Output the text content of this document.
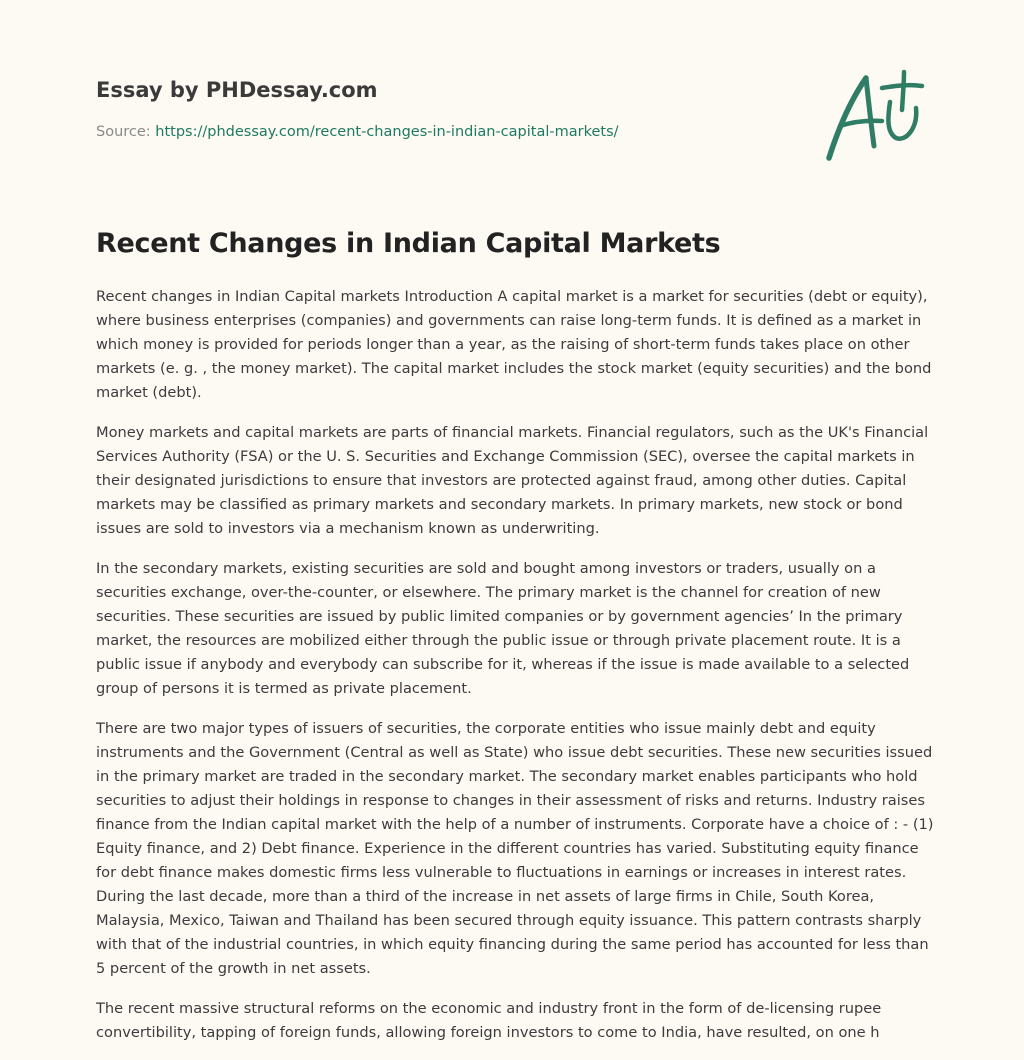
Essay by PHDessay.com
Source: https://phdessay.com/recent-changes-in-indian-capital-markets/
Recent Changes in Indian Capital Markets

Recent changes in Indian Capital markets Introduction A capital market is a market for securities (debt or equity), where business enterprises (companies) and governments can raise long-term funds. It is defined as a market in which money is provided for periods longer than a year, as the raising of short-term funds takes place on other markets (e. g. , the money market). The capital market includes the stock market (equity securities) and the bond market (debt).

Money markets and capital markets are parts of financial markets. Financial regulators, such as the UK's Financial Services Authority (FSA) or the U. S. Securities and Exchange Commission (SEC), oversee the capital markets in their designated jurisdictions to ensure that investors are protected against fraud, among other duties. Capital markets may be classified as primary markets and secondary markets. In primary markets, new stock or bond issues are sold to investors via a mechanism known as underwriting.

In the secondary markets, existing securities are sold and bought among investors or traders, usually on a securities exchange, over-the-counter, or elsewhere. The primary market is the channel for creation of new securities. These securities are issued by public limited companies or by government agencies’ In the primary market, the resources are mobilized either through the public issue or through private placement route. It is a public issue if anybody and everybody can subscribe for it, whereas if the issue is made available to a selected group of persons it is termed as private placement.

There are two major types of issuers of securities, the corporate entities who issue mainly debt and equity instruments and the Government (Central as well as State) who issue debt securities. These new securities issued in the primary market are traded in the secondary market. The secondary market enables participants who hold securities to adjust their holdings in response to changes in their assessment of risks and returns. Industry raises finance from the Indian capital market with the help of a number of instruments. Corporate have a choice of : - (1) Equity finance, and 2) Debt finance. Experience in the different countries has varied. Substituting equity finance for debt finance makes domestic firms less vulnerable to fluctuations in earnings or increases in interest rates. During the last decade, more than a third of the increase in net assets of large firms in Chile, South Korea, Malaysia, Mexico, Taiwan and Thailand has been secured through equity issuance. This pattern contrasts sharply with that of the industrial countries, in which equity financing during the same period has accounted for less than 5 percent of the growth in net assets.

The recent massive structural reforms on the economic and industry front in the form of de-licensing rupee convertibility, tapping of foreign funds, allowing foreign investors to come to India, have resulted, on one h
